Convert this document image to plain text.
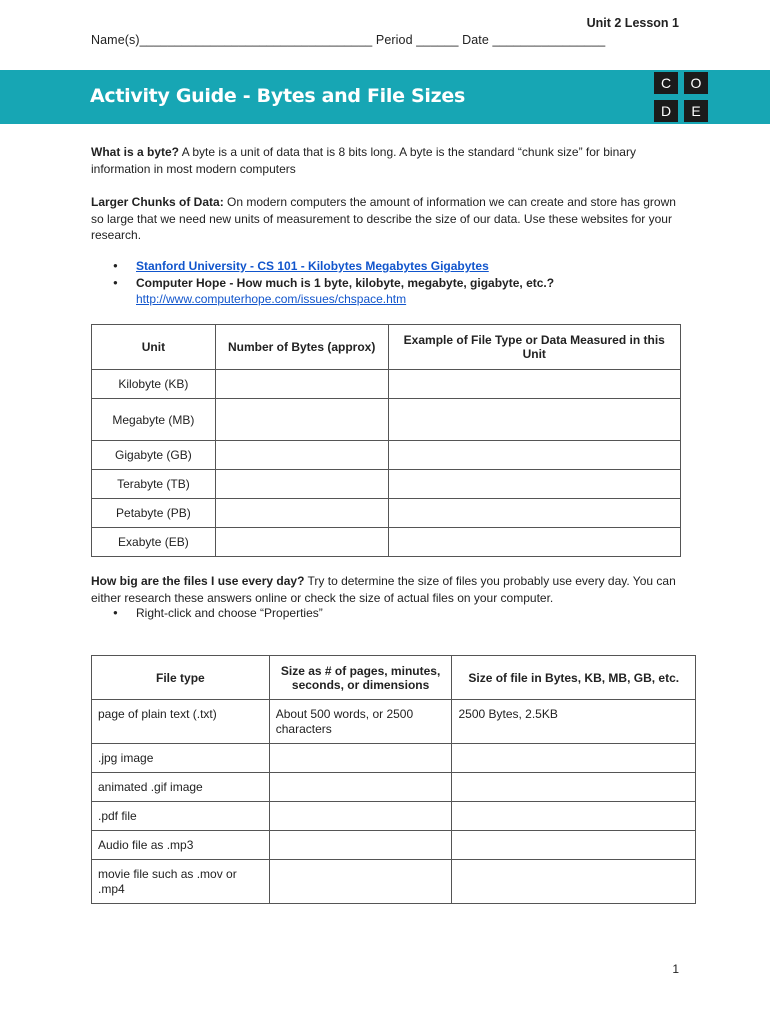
Unit 2 Lesson 1
Name(s)_________________________________ Period ______ Date ________________
Activity Guide - Bytes and File Sizes
C	O
D	E
What is a byte? A byte is a unit of data that is 8 bits long. A byte is the standard “chunk size” for binary information in most modern computers
Larger Chunks of Data: On modern computers the amount of information we can create and store has grown so large that we need new units of measurement to describe the size of our data. Use these websites for your research.
● Stanford University - CS 101 - Kilobytes Megabytes Gigabytes
● Computer Hope - How much is 1 byte, kilobyte, megabyte, gigabyte, etc.?
http://www.computerhope.com/issues/chspace.htm
Unit	Number of Bytes (approx)	Example of File Type or Data Measured in this Unit
Kilobyte (KB)		
Megabyte (MB)		
Gigabyte (GB)		
Terabyte (TB)		
Petabyte (PB)		
Exabyte (EB)		
How big are the files I use every day? Try to determine the size of files you probably use every day. You can either research these answers online or check the size of actual files on your computer.
● Right-click and choose “Properties”
File type	Size as # of pages, minutes, seconds, or dimensions	Size of file in Bytes, KB, MB, GB, etc.
page of plain text (.txt)	About 500 words, or 2500 characters	2500 Bytes, 2.5KB
.jpg image		
animated .gif image		
.pdf file		
Audio file as .mp3		
movie file such as .mov or .mp4		
1
